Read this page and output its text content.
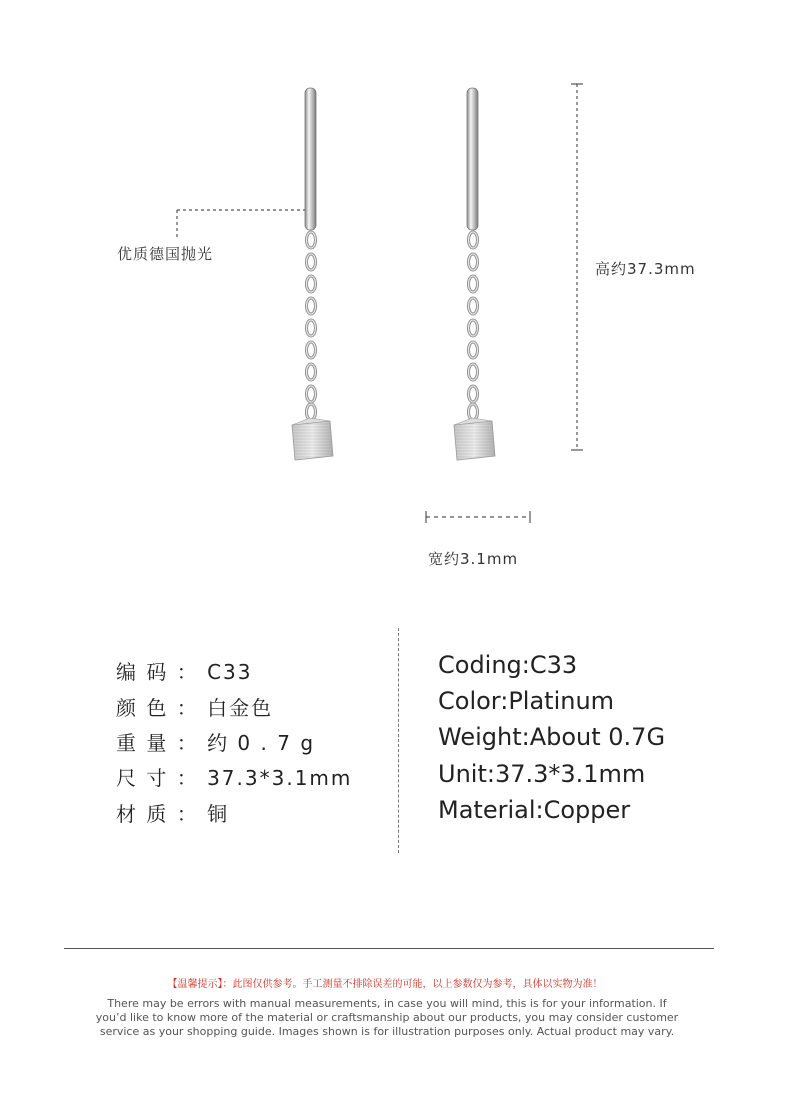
优质德国抛光
高约37.3mm
宽约3.1mm
编 码 ： C33
颜 色 ： 白金色
重 量 ： 约 0 . 7 g
尺 寸 ： 37.3*3.1mm
材 质 ： 铜
Coding:C33
Color:Platinum
Weight:About 0.7G
Unit:37.3*3.1mm
Material:Copper
【温馨提示】：此图仅供参考。手工测量不排除误差的可能，以上参数仅为参考，具体以实物为准！
There may be errors with manual measurements, in case you will mind, this is for your information. If you’d like to know more of the material or craftsmanship about our products, you may consider customer service as your shopping guide. Images shown is for illustration purposes only. Actual product may vary.
